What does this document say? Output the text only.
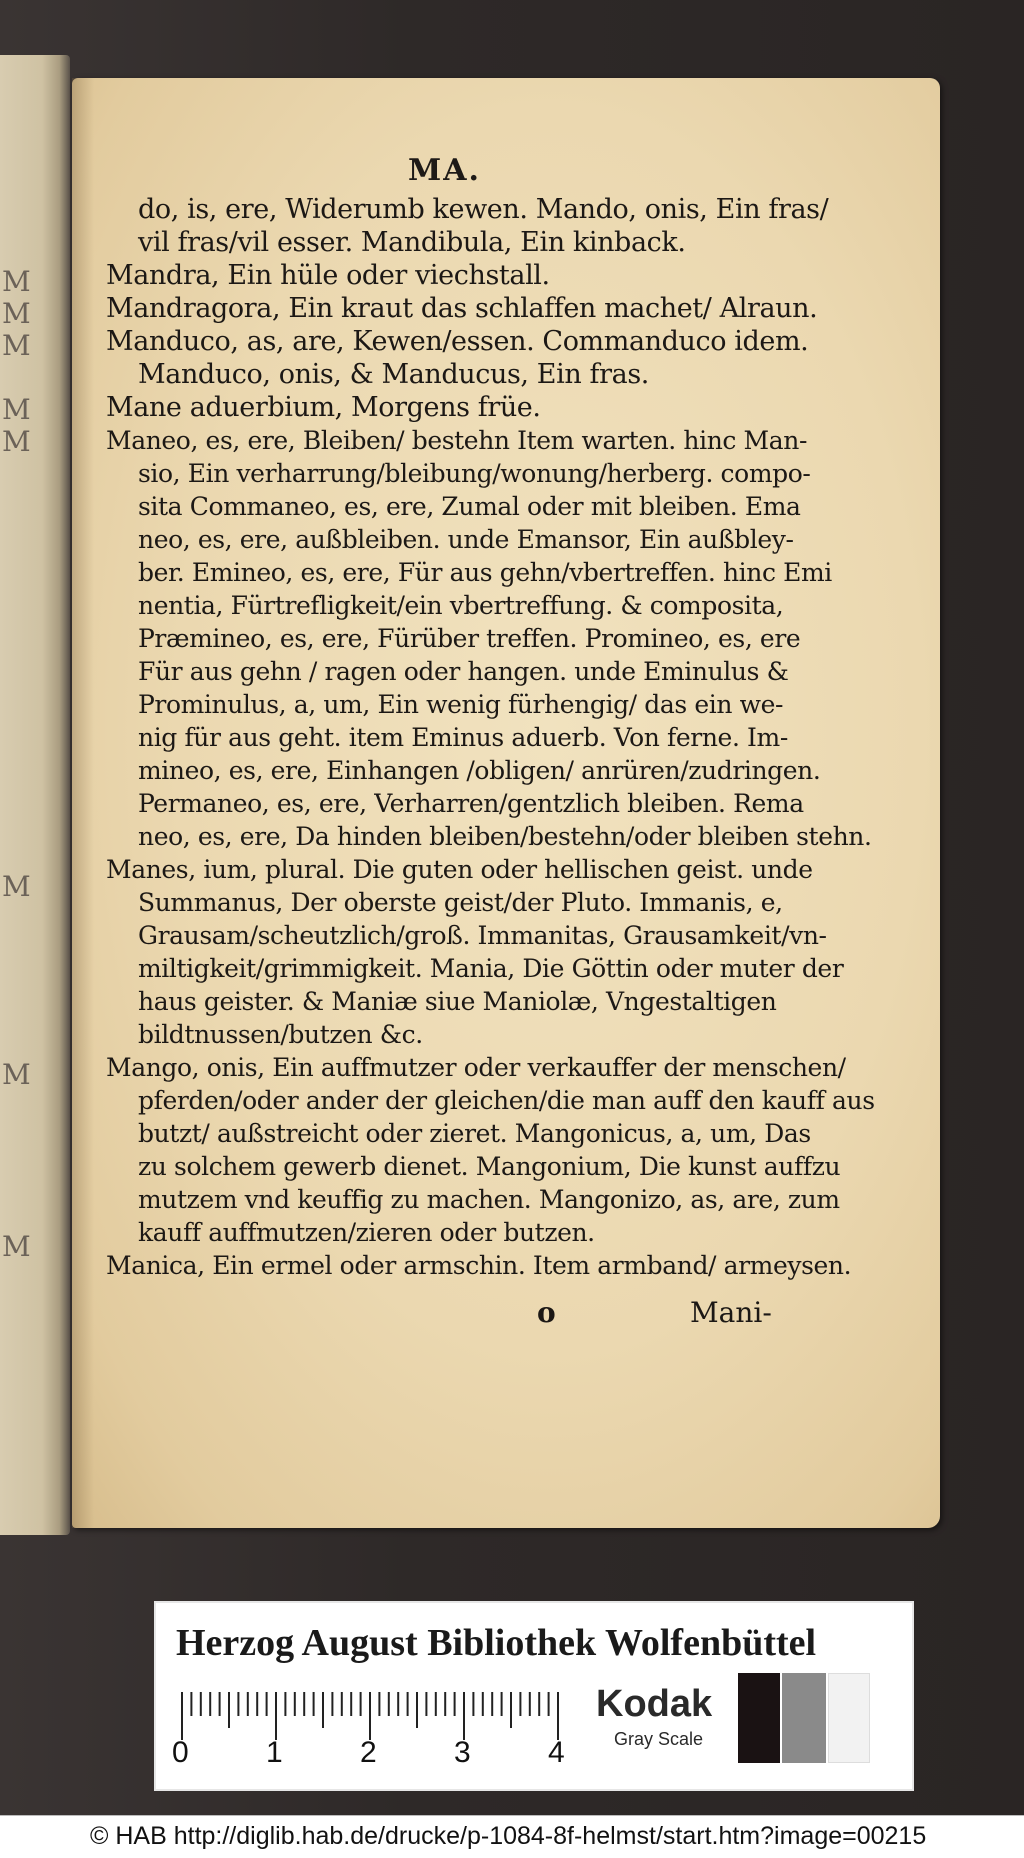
M
M
M
M
M
M
M
M
MA.
do, is, ere, Widerumb kewen. Mando, onis, Ein fras/
vil fras/vil esser. Mandibula, Ein kinback.
Mandra, Ein hüle oder viechstall.
Mandragora, Ein kraut das schlaffen machet/ Alraun.
Manduco, as, are, Kewen/essen. Commanduco idem.
Manduco, onis, & Manducus, Ein fras.
Mane aduerbium, Morgens früe.
Maneo, es, ere, Bleiben/ bestehn Item warten. hinc Man-
sio, Ein verharrung/bleibung/wonung/herberg. compo-
sita Commaneo, es, ere, Zumal oder mit bleiben. Ema
neo, es, ere, außbleiben. unde Emansor, Ein außbley-
ber. Emineo, es, ere, Für aus gehn/vbertreffen. hinc Emi
nentia, Fürtrefligkeit/ein vbertreffung. & composita,
Præmineo, es, ere, Fürüber treffen. Promineo, es, ere
Für aus gehn / ragen oder hangen. unde Eminulus &
Prominulus, a, um, Ein wenig fürhengig/ das ein we-
nig für aus geht. item Eminus aduerb. Von ferne. Im-
mineo, es, ere, Einhangen /obligen/ anrüren/zudringen.
Permaneo, es, ere, Verharren/gentzlich bleiben. Rema
neo, es, ere, Da hinden bleiben/bestehn/oder bleiben stehn.
Manes, ium, plural. Die guten oder hellischen geist. unde
Summanus, Der oberste geist/der Pluto. Immanis, e,
Grausam/scheutzlich/groß. Immanitas, Grausamkeit/vn-
miltigkeit/grimmigkeit. Mania, Die Göttin oder muter der
haus geister. & Maniæ siue Maniolæ, Vngestaltigen
bildtnussen/butzen &c.
Mango, onis, Ein auffmutzer oder verkauffer der menschen/
pferden/oder ander der gleichen/die man auff den kauff aus
butzt/ außstreicht oder zieret. Mangonicus, a, um, Das
zu solchem gewerb dienet. Mangonium, Die kunst auffzu
mutzem vnd keuffig zu machen. Mangonizo, as, are, zum
kauff auffmutzen/zieren oder butzen.
Manica, Ein ermel oder armschin. Item armband/ armeysen.
o	Mani-
Herzog August Bibliothek Wolfenbüttel
0	1	2	3	4
Kodak
Gray Scale
© HAB http://diglib.hab.de/drucke/p-1084-8f-helmst/start.htm?image=00215
